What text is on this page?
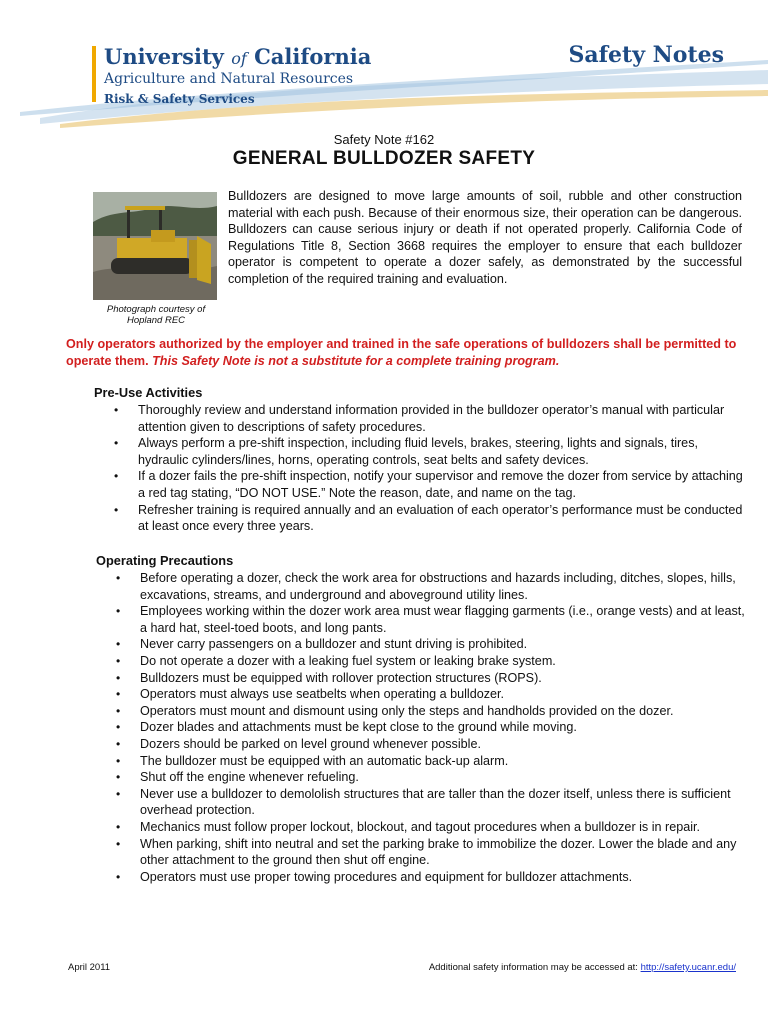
University of California
Agriculture and Natural Resources
Risk & Safety Services
Safety Notes
Safety Note #162
GENERAL BULLDOZER SAFETY
Photograph courtesy of Hopland REC

Bulldozers are designed to move large amounts of soil, rubble and other construction material with each push. Because of their enormous size, their operation can be dangerous. Bulldozers can cause serious injury or death if not operated properly. California Code of Regulations Title 8, Section 3668 requires the employer to ensure that each bulldozer operator is competent to operate a dozer safely, as demonstrated by the successful completion of the required training and evaluation.

Only operators authorized by the employer and trained in the safe operations of bulldozers shall be permitted to operate them. This Safety Note is not a substitute for a complete training program.

Pre-Use Activities
• Thoroughly review and understand information provided in the bulldozer operator’s manual with particular attention given to descriptions of safety procedures.
• Always perform a pre-shift inspection, including fluid levels, brakes, steering, lights and signals, tires, hydraulic cylinders/lines, horns, operating controls, seat belts and safety devices.
• If a dozer fails the pre-shift inspection, notify your supervisor and remove the dozer from service by attaching a red tag stating, “DO NOT USE.” Note the reason, date, and name on the tag.
• Refresher training is required annually and an evaluation of each operator’s performance must be conducted at least once every three years.
Operating Precautions
• Before operating a dozer, check the work area for obstructions and hazards including, ditches, slopes, hills, excavations, streams, and underground and aboveground utility lines.
• Employees working within the dozer work area must wear flagging garments (i.e., orange vests) and at least, a hard hat, steel-toed boots, and long pants.
• Never carry passengers on a bulldozer and stunt driving is prohibited.
• Do not operate a dozer with a leaking fuel system or leaking brake system.
• Bulldozers must be equipped with rollover protection structures (ROPS).
• Operators must always use seatbelts when operating a bulldozer.
• Operators must mount and dismount using only the steps and handholds provided on the dozer.
• Dozer blades and attachments must be kept close to the ground while moving.
• Dozers should be parked on level ground whenever possible.
• The bulldozer must be equipped with an automatic back-up alarm.
• Shut off the engine whenever refueling.
• Never use a bulldozer to demololish structures that are taller than the dozer itself, unless there is sufficient overhead protection.
• Mechanics must follow proper lockout, blockout, and tagout procedures when a bulldozer is in repair.
• When parking, shift into neutral and set the parking brake to immobilize the dozer. Lower the blade and any other attachment to the ground then shut off engine.
• Operators must use proper towing procedures and equipment for bulldozer attachments.
April 2011	Additional safety information may be accessed at: http://safety.ucanr.edu/
